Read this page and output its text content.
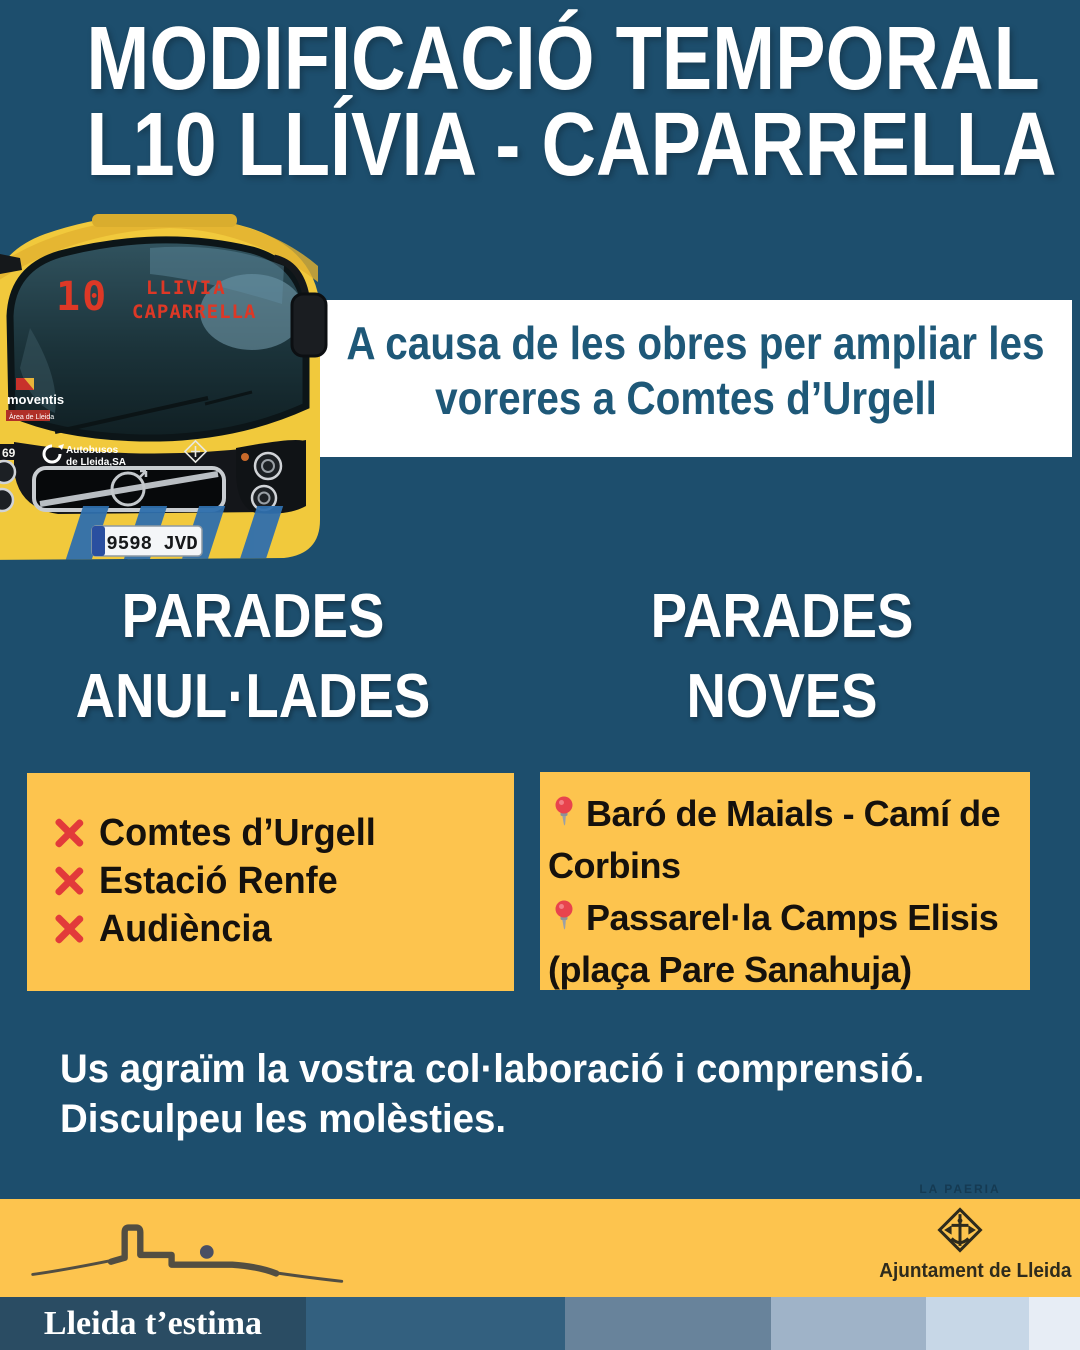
MODIFICACIÓ TEMPORAL
L10 LLÍVIA - CAPARRELLA
A causa de les obres per ampliar les
voreres a Comtes d’Urgell
10 LLIVIA
CAPARRELLA
moventis
Àrea de Lleida
69	Autobusos
de Lleida,SA
9598 JVD
PARADES
ANUL·LADES
PARADES
NOVES
Comtes d’Urgell
Estació Renfe
Audiència
Baró de Maials - Camí de Corbins
Passarel·la Camps Elisis (plaça Pare Sanahuja)
Us agraïm la vostra col·laboració i comprensió.
Disculpeu les molèsties.
LA PAERIA
Ajuntament de Lleida
Lleida t’estima
